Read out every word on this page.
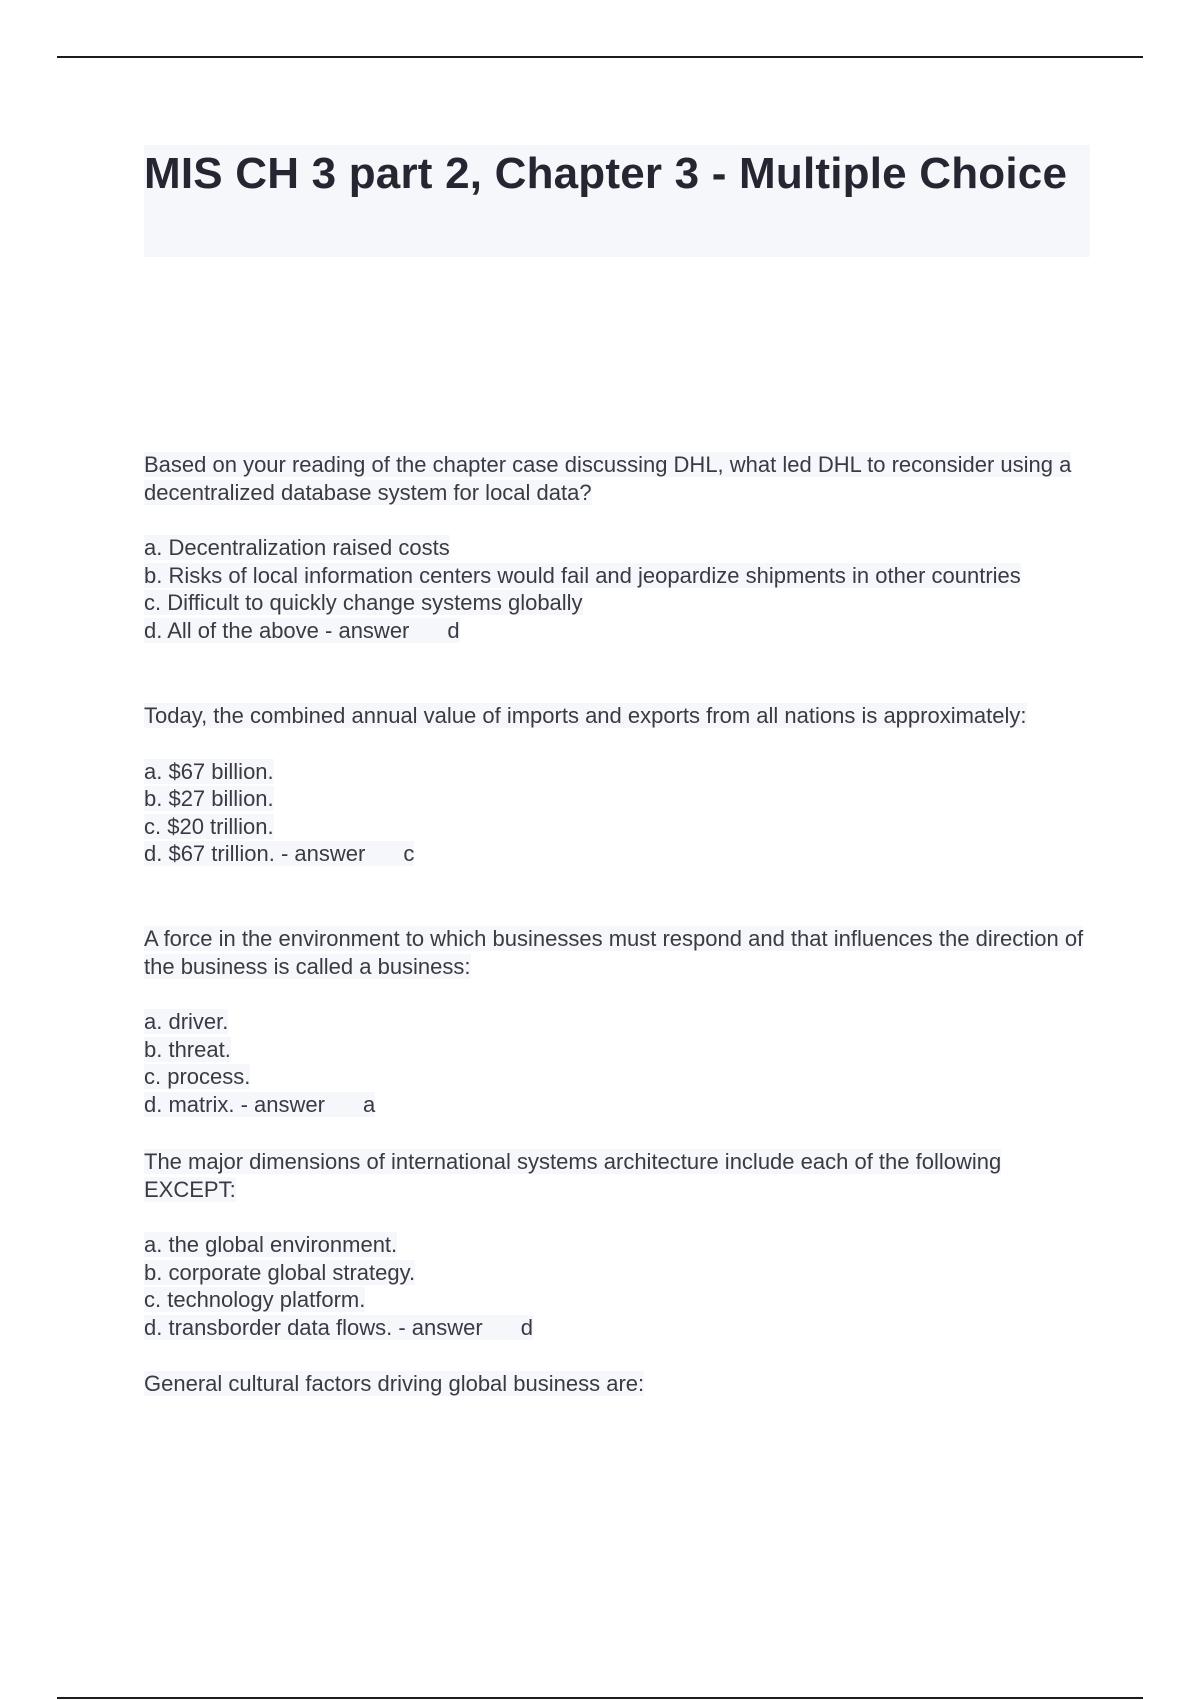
MIS CH 3 part 2, Chapter 3 - Multiple Choice

Based on your reading of the chapter case discussing DHL, what led DHL to reconsider using a decentralized database system for local data?

a. Decentralization raised costs
b. Risks of local information centers would fail and jeopardize shipments in other countries
c. Difficult to quickly change systems globally
d. All of the above - answer d

Today, the combined annual value of imports and exports from all nations is approximately:

a. $67 billion.
b. $27 billion.
c. $20 trillion.
d. $67 trillion. - answer c

A force in the environment to which businesses must respond and that influences the direction of the business is called a business:

a. driver.
b. threat.
c. process.
d. matrix. - answer a

The major dimensions of international systems architecture include each of the following EXCEPT:

a. the global environment.
b. corporate global strategy.
c. technology platform.
d. transborder data flows. - answer d

General cultural factors driving global business are:
